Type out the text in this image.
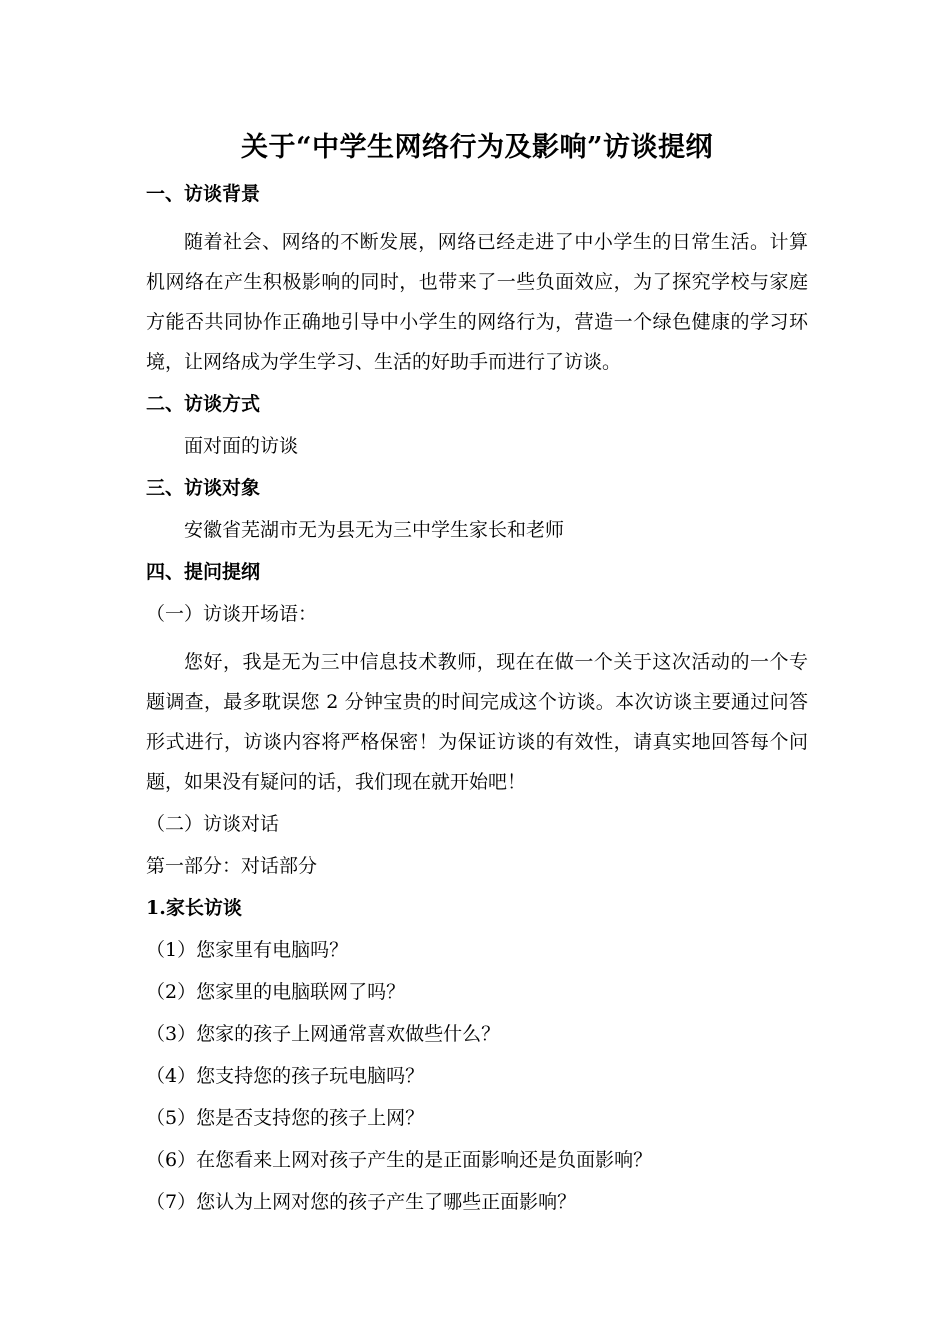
关于“中学生网络行为及影响”访谈提纲
一、访谈背景
随着社会、网络的不断发展，网络已经走进了中小学生的日常生活。计算机网络在产生积极影响的同时，也带来了一些负面效应，为了探究学校与家庭方能否共同协作正确地引导中小学生的网络行为，营造一个绿色健康的学习环境，让网络成为学生学习、生活的好助手而进行了访谈。
二、访谈方式
面对面的访谈
三、访谈对象
安徽省芜湖市无为县无为三中学生家长和老师
四、提问提纲
（一）访谈开场语：
您好，我是无为三中信息技术教师，现在在做一个关于这次活动的一个专题调查，最多耽误您 2 分钟宝贵的时间完成这个访谈。本次访谈主要通过问答形式进行，访谈内容将严格保密！为保证访谈的有效性，请真实地回答每个问题，如果没有疑问的话，我们现在就开始吧！
（二）访谈对话
第一部分：对话部分
1.家长访谈
（1）您家里有电脑吗？
（2）您家里的电脑联网了吗？
（3）您家的孩子上网通常喜欢做些什么？
（4）您支持您的孩子玩电脑吗？
（5）您是否支持您的孩子上网？
（6）在您看来上网对孩子产生的是正面影响还是负面影响？
（7）您认为上网对您的孩子产生了哪些正面影响？
